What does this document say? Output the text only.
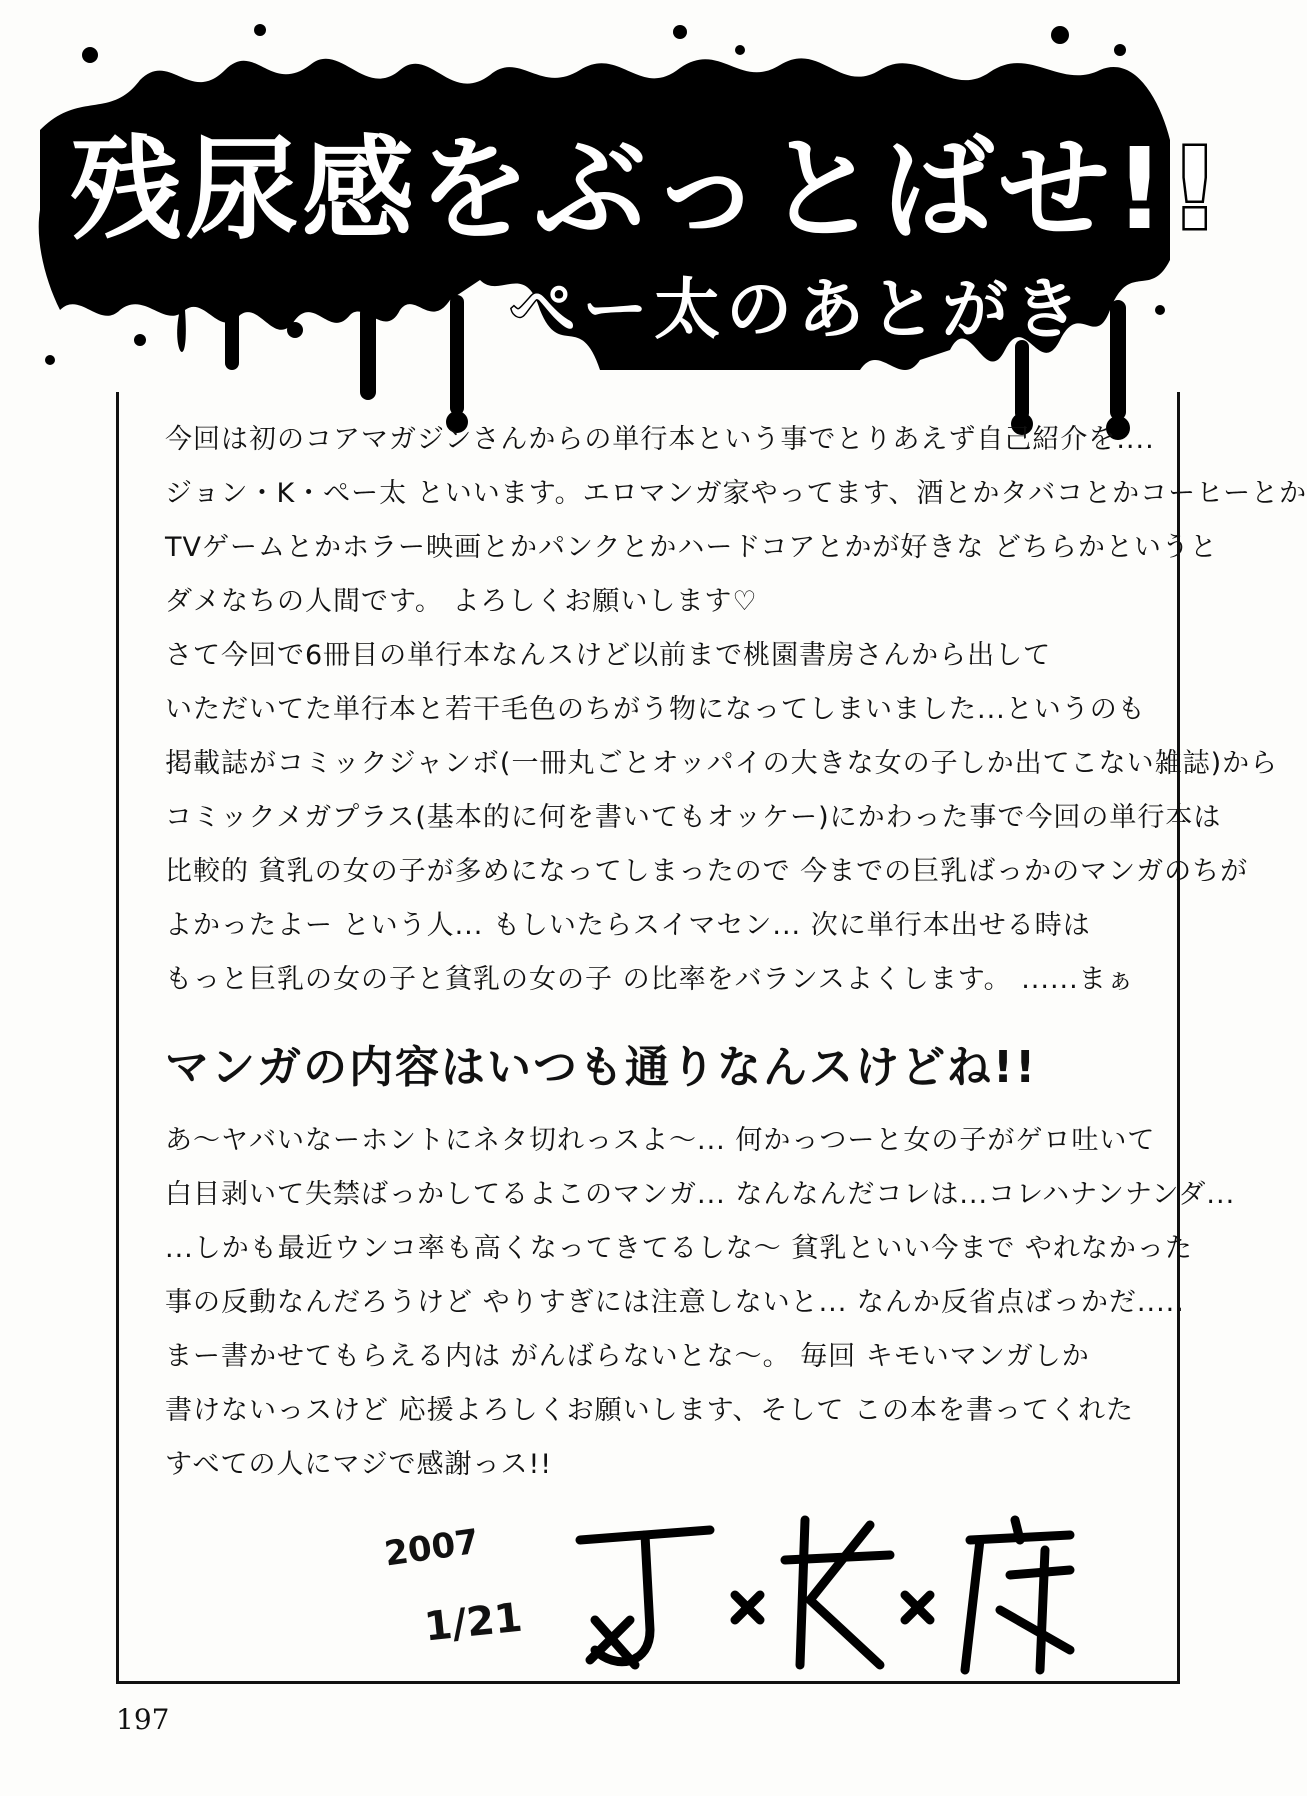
残尿感をぶっとばせ!!
ぺー太のあとがき
今回は初のコアマガジンさんからの単行本という事でとりあえず自己紹介を....
ジョン・K・ぺー太 といいます。エロマンガ家やってます、酒とかタバコとかコーヒーとか
TVゲームとかホラー映画とかパンクとかハードコアとかが好きな どちらかというと
ダメなちの人間です。 よろしくお願いします♡
さて今回で6冊目の単行本なんスけど以前まで桃園書房さんから出して
いただいてた単行本と若干毛色のちがう物になってしまいました...というのも
掲載誌がコミックジャンボ(一冊丸ごとオッパイの大きな女の子しか出てこない雑誌)から
コミックメガプラス(基本的に何を書いてもオッケー)にかわった事で今回の単行本は
比較的 貧乳の女の子が多めになってしまったので 今までの巨乳ばっかのマンガのちが
よかったよー という人... もしいたらスイマセン... 次に単行本出せる時は
もっと巨乳の女の子と貧乳の女の子 の比率をバランスよくします。 ......まぁ
マンガの内容はいつも通りなんスけどね!!
あ〜ヤバいなーホントにネタ切れっスよ〜... 何かっつーと女の子がゲロ吐いて
白目剥いて失禁ばっかしてるよこのマンガ... なんなんだコレは...コレハナンナンダ...
...しかも最近ウンコ率も高くなってきてるしな〜 貧乳といい今まで やれなかった
事の反動なんだろうけど やりすぎには注意しないと... なんか反省点ばっかだ.....
まー書かせてもらえる内は がんばらないとな〜。 毎回 キモいマンガしか
書けないっスけど 応援よろしくお願いします、そして この本を書ってくれた
すべての人にマジで感謝っス!!
2007
1/21
197
